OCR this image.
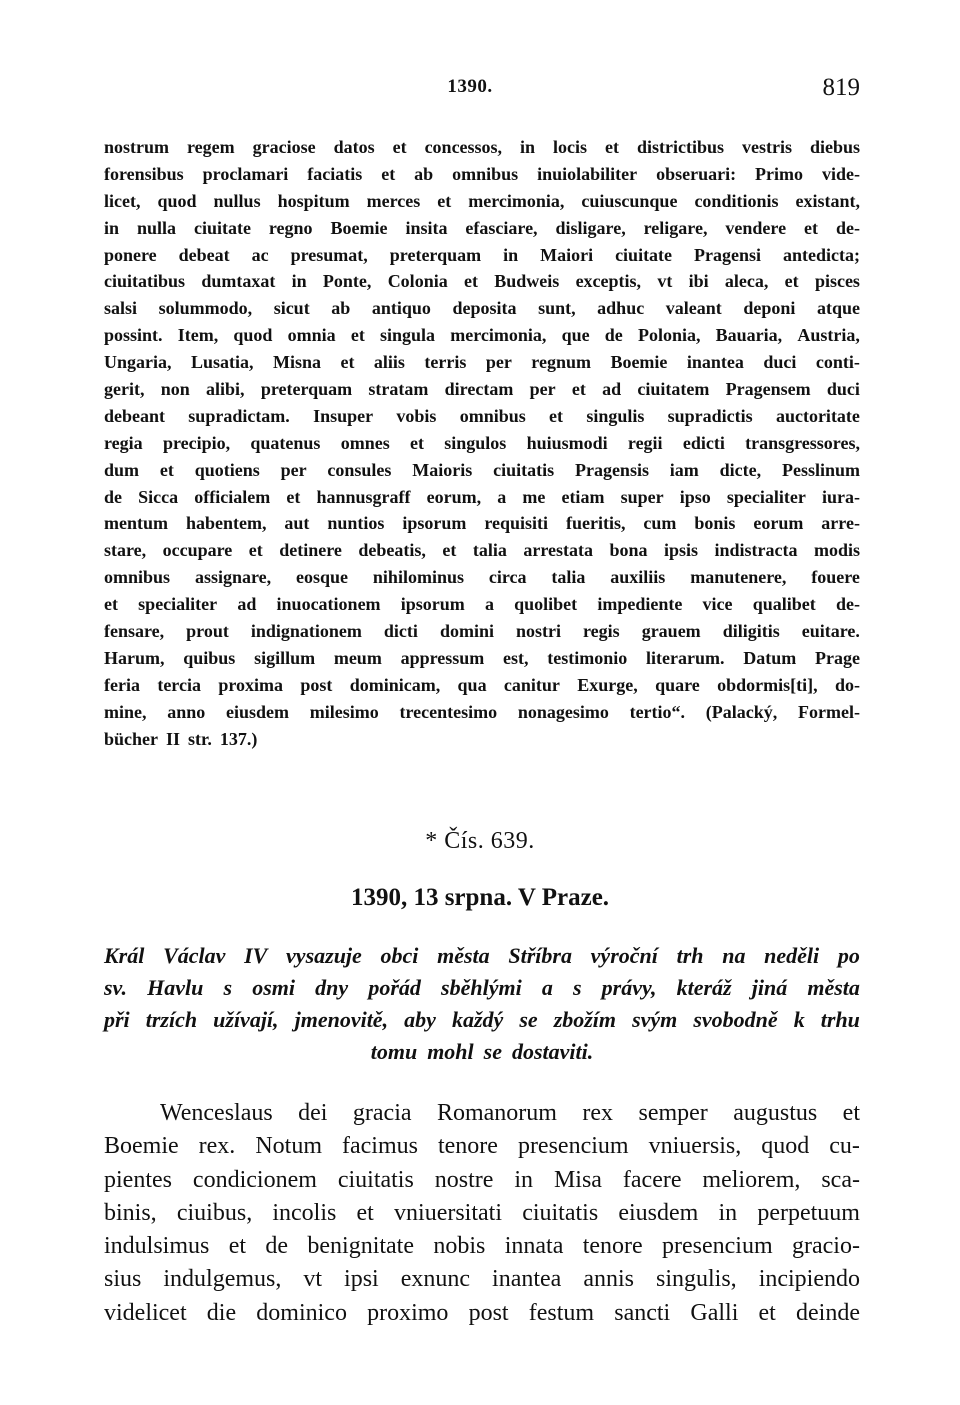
1390.	819
nostrum regem graciose datos et concessos, in locis et districtibus vestris diebus
forensibus proclamari faciatis et ab omnibus inuiolabiliter obseruari: Primo vide-
licet, quod nullus hospitum merces et mercimonia, cuiuscunque conditionis existant,
in nulla ciuitate regno Boemie insita efasciare, disligare, religare, vendere et de-
ponere debeat ac presumat, preterquam in Maiori ciuitate Pragensi antedicta;
ciuitatibus dumtaxat in Ponte, Colonia et Budweis exceptis, vt ibi aleca, et pisces
salsi solummodo, sicut ab antiquo deposita sunt, adhuc valeant deponi atque
possint. Item, quod omnia et singula mercimonia, que de Polonia, Bauaria, Austria,
Ungaria, Lusatia, Misna et aliis terris per regnum Boemie inantea duci conti-
gerit, non alibi, preterquam stratam directam per et ad ciuitatem Pragensem duci
debeant supradictam. Insuper vobis omnibus et singulis supradictis auctoritate
regia precipio, quatenus omnes et singulos huiusmodi regii edicti transgressores,
dum et quotiens per consules Maioris ciuitatis Pragensis iam dicte, Pesslinum
de Sicca officialem et hannusgraff eorum, a me etiam super ipso specialiter iura-
mentum habentem, aut nuntios ipsorum requisiti fueritis, cum bonis eorum arre-
stare, occupare et detinere debeatis, et talia arrestata bona ipsis indistracta modis
omnibus assignare, eosque nihilominus circa talia auxiliis manutenere, fouere
et specialiter ad inuocationem ipsorum a quolibet impediente vice qualibet de-
fensare, prout indignationem dicti domini nostri regis grauem diligitis euitare.
Harum, quibus sigillum meum appressum est, testimonio literarum. Datum Prage
feria tercia proxima post dominicam, qua canitur Exurge, quare obdormis[ti], do-
mine, anno eiusdem milesimo trecentesimo nonagesimo tertio“. (Palacký, Formel-
bücher II str. 137.)
* Čís. 639.
1390, 13 srpna. V Praze.
Král Václav IV vysazuje obci města Stříbra výroční trh na neděli po
sv. Havlu s osmi dny pořád sběhlými a s právy, kteráž jiná města
při trzích užívají, jmenovitě, aby každý se zbožím svým svobodně k trhu
tomu mohl se dostaviti.
Wenceslaus dei gracia Romanorum rex semper augustus et
Boemie rex. Notum facimus tenore presencium vniuersis, quod cu-
pientes condicionem ciuitatis nostre in Misa facere meliorem, sca-
binis, ciuibus, incolis et vniuersitati ciuitatis eiusdem in perpetuum
indulsimus et de benignitate nobis innata tenore presencium gracio-
sius indulgemus, vt ipsi exnunc inantea annis singulis, incipiendo
videlicet die dominico proximo post festum sancti Galli et deinde
